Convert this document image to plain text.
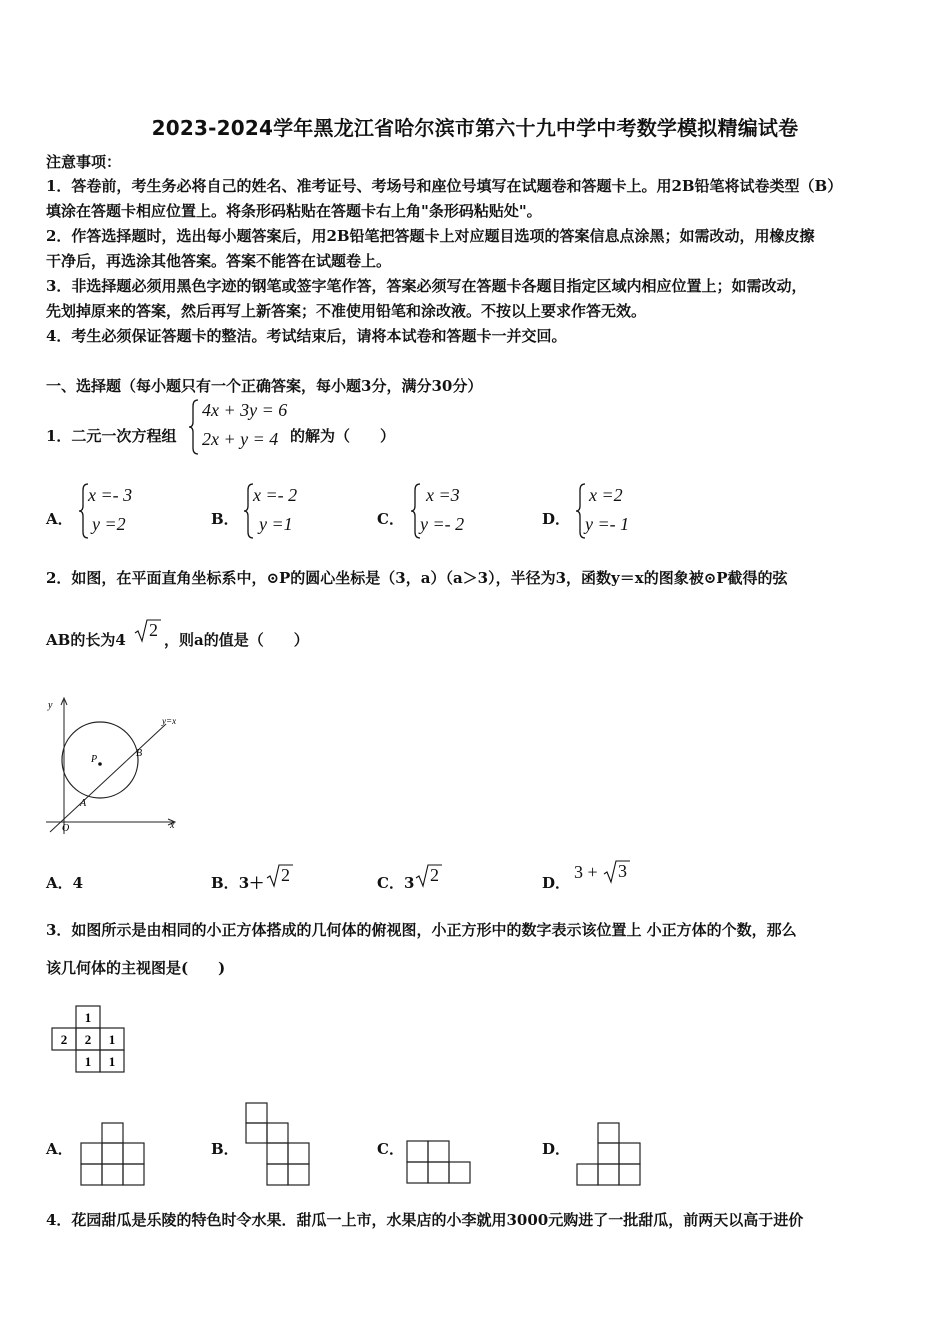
2023-2024学年黑龙江省哈尔滨市第六十九中学中考数学模拟精编试卷
注意事项：
1．答卷前，考生务必将自己的姓名、准考证号、考场号和座位号填写在试题卷和答题卡上。用2B铅笔将试卷类型（B）
填涂在答题卡相应位置上。将条形码粘贴在答题卡右上角"条形码粘贴处"。
2．作答选择题时，选出每小题答案后，用2B铅笔把答题卡上对应题目选项的答案信息点涂黑；如需改动，用橡皮擦
干净后，再选涂其他答案。答案不能答在试题卷上。
3．非选择题必须用黑色字迹的钢笔或签字笔作答，答案必须写在答题卡各题目指定区域内相应位置上；如需改动，
先划掉原来的答案，然后再写上新答案；不准使用铅笔和涂改液。不按以上要求作答无效。
4．考生必须保证答题卡的整洁。考试结束后，请将本试卷和答题卡一并交回。
一、选择题（每小题只有一个正确答案，每小题3分，满分30分）
1．二元一次方程组
4x + 3y = 6
2x + y = 4 的解为（　　）
A．
x =- 3
y =2	B．
x =- 2
y =1	C．
x =3
y =- 2	D．
x =2
y =- 1
2．如图，在平面直角坐标系中，⊙P的圆心坐标是（3，a）（a＞3），半径为3，函数y＝x的图象被⊙P截得的弦
AB的长为4 2 ，则a的值是（　　）
y
x
O
y=x
P
A
B
A．4	B．3＋ 2	C．3 2	D．
3 + 3
3．如图所示是由相同的小正方体搭成的几何体的俯视图，小正方形中的数字表示该位置上 小正方体的个数，那么
该几何体的主视图是(　　)
1
2 2 1
1 1
A．	B．	C．	D．
4．花园甜瓜是乐陵的特色时令水果．甜瓜一上市，水果店的小李就用3000元购进了一批甜瓜，前两天以高于进价
